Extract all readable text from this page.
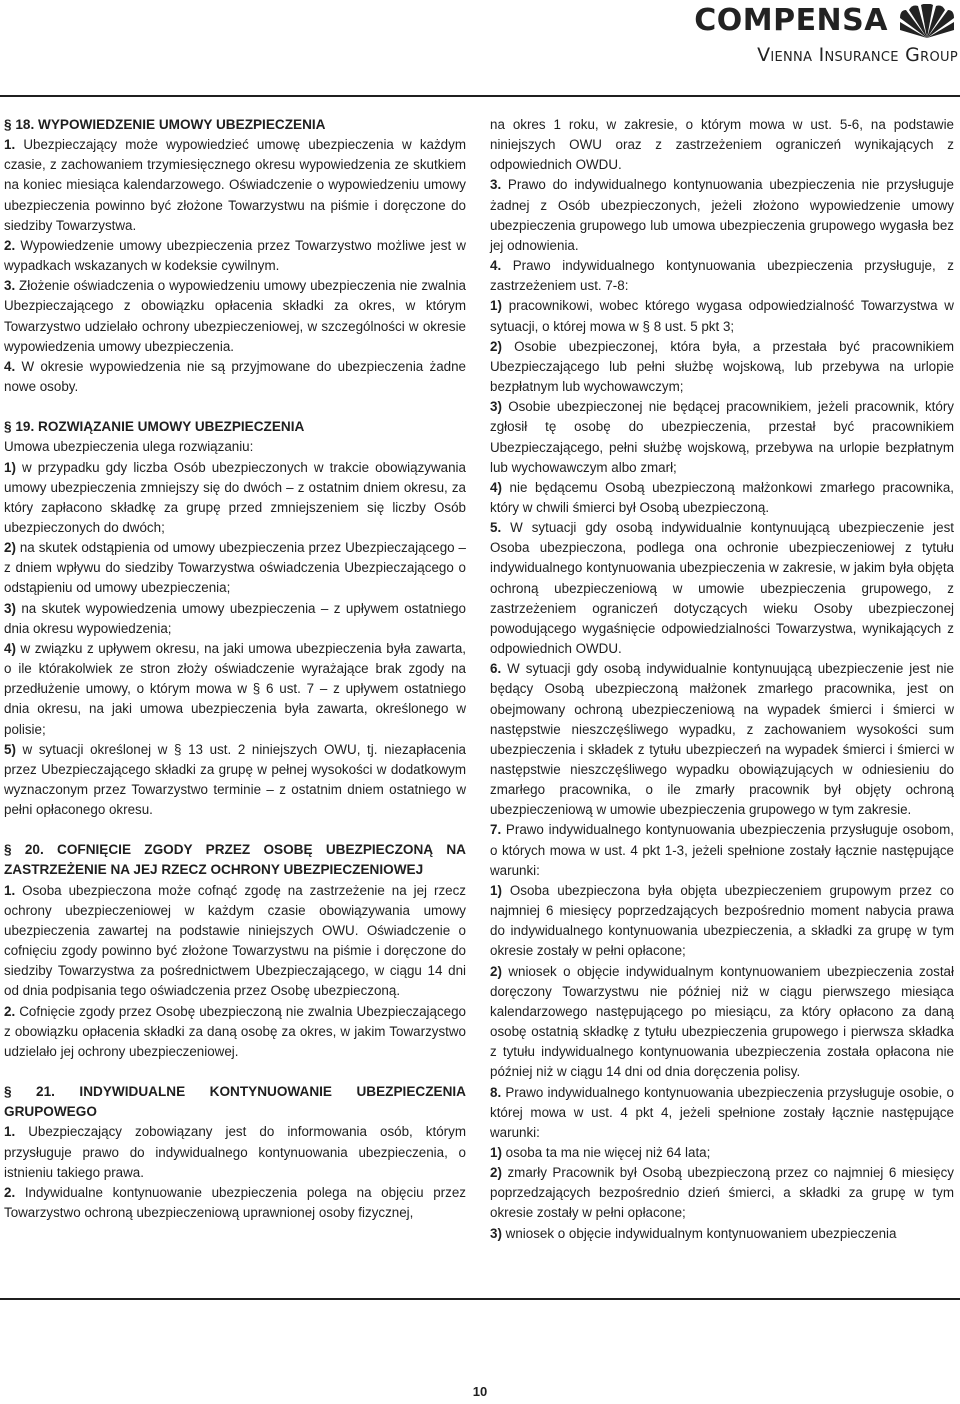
COMPENSA
Vienna Insurance Group
§ 18. WYPOWIEDZENIE UMOWY UBEZPIECZENIA

1. Ubezpieczający może wypowiedzieć umowę ubezpieczenia w każdym czasie, z zachowaniem trzymiesięcznego okresu wypowiedzenia ze skutkiem na koniec miesiąca kalendarzowego. Oświadczenie o wypowiedzeniu umowy ubezpieczenia powinno być złożone Towarzystwu na piśmie i doręczone do siedziby Towarzystwa.

2. Wypowiedzenie umowy ubezpieczenia przez Towarzystwo możliwe jest w wypadkach wskazanych w kodeksie cywilnym.

3. Złożenie oświadczenia o wypowiedzeniu umowy ubezpieczenia nie zwalnia Ubezpieczającego z obowiązku opłacenia składki za okres, w którym Towarzystwo udzielało ochrony ubezpieczeniowej, w szczególności w okresie wypowiedzenia umowy ubezpieczenia.

4. W okresie wypowiedzenia nie są przyjmowane do ubezpieczenia żadne nowe osoby.

§ 19. ROZWIĄZANIE UMOWY UBEZPIECZENIA

Umowa ubezpieczenia ulega rozwiązaniu:

1) w przypadku gdy liczba Osób ubezpieczonych w trakcie obowiązywania umowy ubezpieczenia zmniejszy się do dwóch – z ostatnim dniem okresu, za który zapłacono składkę za grupę przed zmniejszeniem się liczby Osób ubezpieczonych do dwóch;

2) na skutek odstąpienia od umowy ubezpieczenia przez Ubezpieczającego – z dniem wpływu do siedziby Towarzystwa oświadczenia Ubezpieczającego o odstąpieniu od umowy ubezpieczenia;

3) na skutek wypowiedzenia umowy ubezpieczenia – z upływem ostatniego dnia okresu wypowiedzenia;

4) w związku z upływem okresu, na jaki umowa ubezpieczenia była zawarta, o ile którakolwiek ze stron złoży oświadczenie wyrażające brak zgody na przedłużenie umowy, o którym mowa w § 6 ust. 7 – z upływem ostatniego dnia okresu, na jaki umowa ubezpieczenia była zawarta, określonego w polisie;

5) w sytuacji określonej w § 13 ust. 2 niniejszych OWU, tj. niezapłacenia przez Ubezpieczającego składki za grupę w pełnej wysokości w dodatkowym wyznaczonym przez Towarzystwo terminie – z ostatnim dniem ostatniego w pełni opłaconego okresu.

§ 20. COFNIĘCIE ZGODY PRZEZ OSOBĘ UBEZPIECZONĄ NA ZASTRZEŻENIE NA JEJ RZECZ OCHRONY UBEZPIECZENIOWEJ

1. Osoba ubezpieczona może cofnąć zgodę na zastrzeżenie na jej rzecz ochrony ubezpieczeniowej w każdym czasie obowiązywania umowy ubezpieczenia zawartej na podstawie niniejszych OWU. Oświadczenie o cofnięciu zgody powinno być złożone Towarzystwu na piśmie i doręczone do siedziby Towarzystwa za pośrednictwem Ubezpieczającego, w ciągu 14 dni od dnia podpisania tego oświadczenia przez Osobę ubezpieczoną.

2. Cofnięcie zgody przez Osobę ubezpieczoną nie zwalnia Ubezpieczającego z obowiązku opłacenia składki za daną osobę za okres, w jakim Towarzystwo udzielało jej ochrony ubezpieczeniowej.

§ 21. INDYWIDUALNE KONTYNUOWANIE UBEZPIECZENIA GRUPOWEGO

1. Ubezpieczający zobowiązany jest do informowania osób, którym przysługuje prawo do indywidualnego kontynuowania ubezpieczenia, o istnieniu takiego prawa.

2. Indywidualne kontynuowanie ubezpieczenia polega na objęciu przez Towarzystwo ochroną ubezpieczeniową uprawnionej osoby fizycznej,

na okres 1 roku, w zakresie, o którym mowa w ust. 5-6, na podstawie niniejszych OWU oraz z zastrzeżeniem ograniczeń wynikających z odpowiednich OWDU.

3. Prawo do indywidualnego kontynuowania ubezpieczenia nie przysługuje żadnej z Osób ubezpieczonych, jeżeli złożono wypowiedzenie umowy ubezpieczenia grupowego lub umowa ubezpieczenia grupowego wygasła bez jej odnowienia.

4. Prawo indywidualnego kontynuowania ubezpieczenia przysługuje, z zastrzeżeniem ust. 7-8:

1) pracownikowi, wobec którego wygasa odpowiedzialność Towarzystwa w sytuacji, o której mowa w § 8 ust. 5 pkt 3;

2) Osobie ubezpieczonej, która była, a przestała być pracownikiem Ubezpieczającego lub pełni służbę wojskową, lub przebywa na urlopie bezpłatnym lub wychowawczym;

3) Osobie ubezpieczonej nie będącej pracownikiem, jeżeli pracownik, który zgłosił tę osobę do ubezpieczenia, przestał być pracownikiem Ubezpieczającego, pełni służbę wojskową, przebywa na urlopie bezpłatnym lub wychowawczym albo zmarł;

4) nie będącemu Osobą ubezpieczoną małżonkowi zmarłego pracownika, który w chwili śmierci był Osobą ubezpieczoną.

5. W sytuacji gdy osobą indywidualnie kontynuującą ubezpieczenie jest Osoba ubezpieczona, podlega ona ochronie ubezpieczeniowej z tytułu indywidualnego kontynuowania ubezpieczenia w zakresie, w jakim była objęta ochroną ubezpieczeniową w umowie ubezpieczenia grupowego, z zastrzeżeniem ograniczeń dotyczących wieku Osoby ubezpieczonej powodującego wygaśnięcie odpowiedzialności Towarzystwa, wynikających z odpowiednich OWDU.

6. W sytuacji gdy osobą indywidualnie kontynuującą ubezpieczenie jest nie będący Osobą ubezpieczoną małżonek zmarłego pracownika, jest on obejmowany ochroną ubezpieczeniową na wypadek śmierci i śmierci w następstwie nieszczęśliwego wypadku, z zachowaniem wysokości sum ubezpieczenia i składek z tytułu ubezpieczeń na wypadek śmierci i śmierci w następstwie nieszczęśliwego wypadku obowiązujących w odniesieniu do zmarłego pracownika, o ile zmarły pracownik był objęty ochroną ubezpieczeniową w umowie ubezpieczenia grupowego w tym zakresie.

7. Prawo indywidualnego kontynuowania ubezpieczenia przysługuje osobom, o których mowa w ust. 4 pkt 1-3, jeżeli spełnione zostały łącznie następujące warunki:

1) Osoba ubezpieczona była objęta ubezpieczeniem grupowym przez co najmniej 6 miesięcy poprzedzających bezpośrednio moment nabycia prawa do indywidualnego kontynuowania ubezpieczenia, a składki za grupę w tym okresie zostały w pełni opłacone;

2) wniosek o objęcie indywidualnym kontynuowaniem ubezpieczenia został doręczony Towarzystwu nie później niż w ciągu pierwszego miesiąca kalendarzowego następującego po miesiącu, za który opłacono za daną osobę ostatnią składkę z tytułu ubezpieczenia grupowego i pierwsza składka z tytułu indywidualnego kontynuowania ubezpieczenia została opłacona nie później niż w ciągu 14 dni od dnia doręczenia polisy.

8. Prawo indywidualnego kontynuowania ubezpieczenia przysługuje osobie, o której mowa w ust. 4 pkt 4, jeżeli spełnione zostały łącznie następujące warunki:

1) osoba ta ma nie więcej niż 64 lata;

2) zmarły Pracownik był Osobą ubezpieczoną przez co najmniej 6 miesięcy poprzedzających bezpośrednio dzień śmierci, a składki za grupę w tym okresie zostały w pełni opłacone;

3) wniosek o objęcie indywidualnym kontynuowaniem ubezpieczenia

10
